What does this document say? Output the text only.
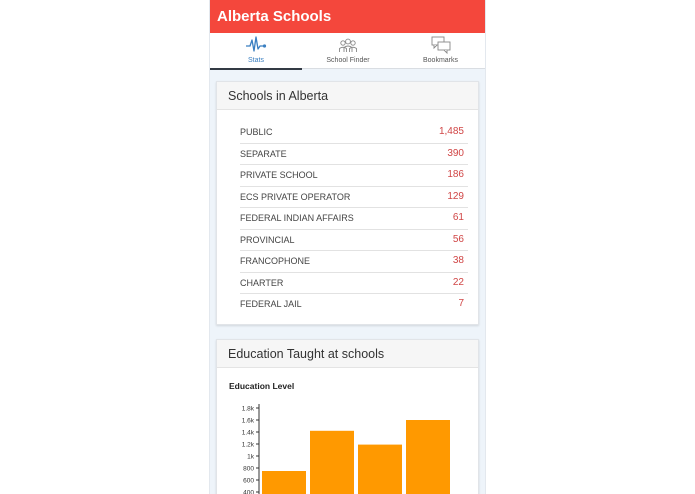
Alberta Schools
Stats	School Finder	Bookmarks
Schools in Alberta
PUBLIC	1,485
SEPARATE	390
PRIVATE SCHOOL	186
ECS PRIVATE OPERATOR	129
FEDERAL INDIAN AFFAIRS	61
PROVINCIAL	56
FRANCOPHONE	38
CHARTER	22
FEDERAL JAIL	7
Education Taught at schools
Education Level
1.8k
1.6k
1.4k
1.2k
1k
800
600
400
